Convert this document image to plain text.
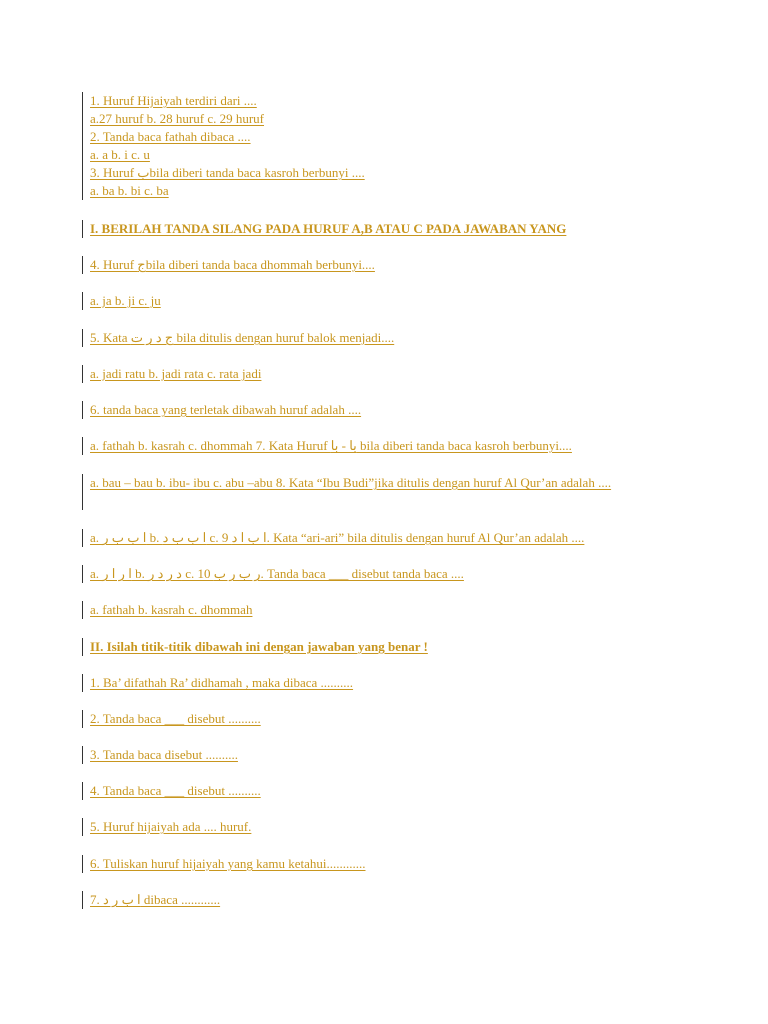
1. Huruf Hijaiyah terdiri dari ....
a.27 huruf b. 28 huruf c. 29 huruf
2. Tanda baca fathah dibaca ....
a. a b. i c. u
3. Huruf بbila diberi tanda baca kasroh berbunyi ....
a. ba b. bi c. ba
I. BERILAH TANDA SILANG PADA HURUF A,B ATAU C PADA JAWABAN YANG
4. Huruf جbila diberi tanda baca dhommah berbunyi....
a. ja b. ji c. ju
5. Kata ج د ر ت bila ditulis dengan huruf balok menjadi....
a. jadi ratu b. jadi rata c. rata jadi
6. tanda baca yang terletak dibawah huruf adalah ....
a. fathah b. kasrah c. dhommah 7. Kata Huruf با - با bila diberi tanda baca kasroh berbunyi....
a. bau – bau b. ibu- ibu c. abu –abu 8. Kata “Ibu Budi”jika ditulis dengan huruf Al Qur’an adalah ....
a. ا ب ب ر b. ا ب ب د c. 9 ا ب ا د. Kata “ari-ari” bila ditulis dengan huruf Al Qur’an adalah ....
a. ا ر ا ر b. د ر د ر c. 10 ر ب ر ب. Tanda baca ___ disebut tanda baca ....
a. fathah b. kasrah c. dhommah
II. Isilah titik-titik dibawah ini dengan jawaban yang benar !
1. Ba’ difathah Ra’ didhamah , maka dibaca ..........
2. Tanda baca ___ disebut ..........
3. Tanda baca disebut ..........
4. Tanda baca ___ disebut ..........
5. Huruf hijaiyah ada .... huruf.
6. Tuliskan huruf hijaiyah yang kamu ketahui............
7. ا ب ر د dibaca ............
